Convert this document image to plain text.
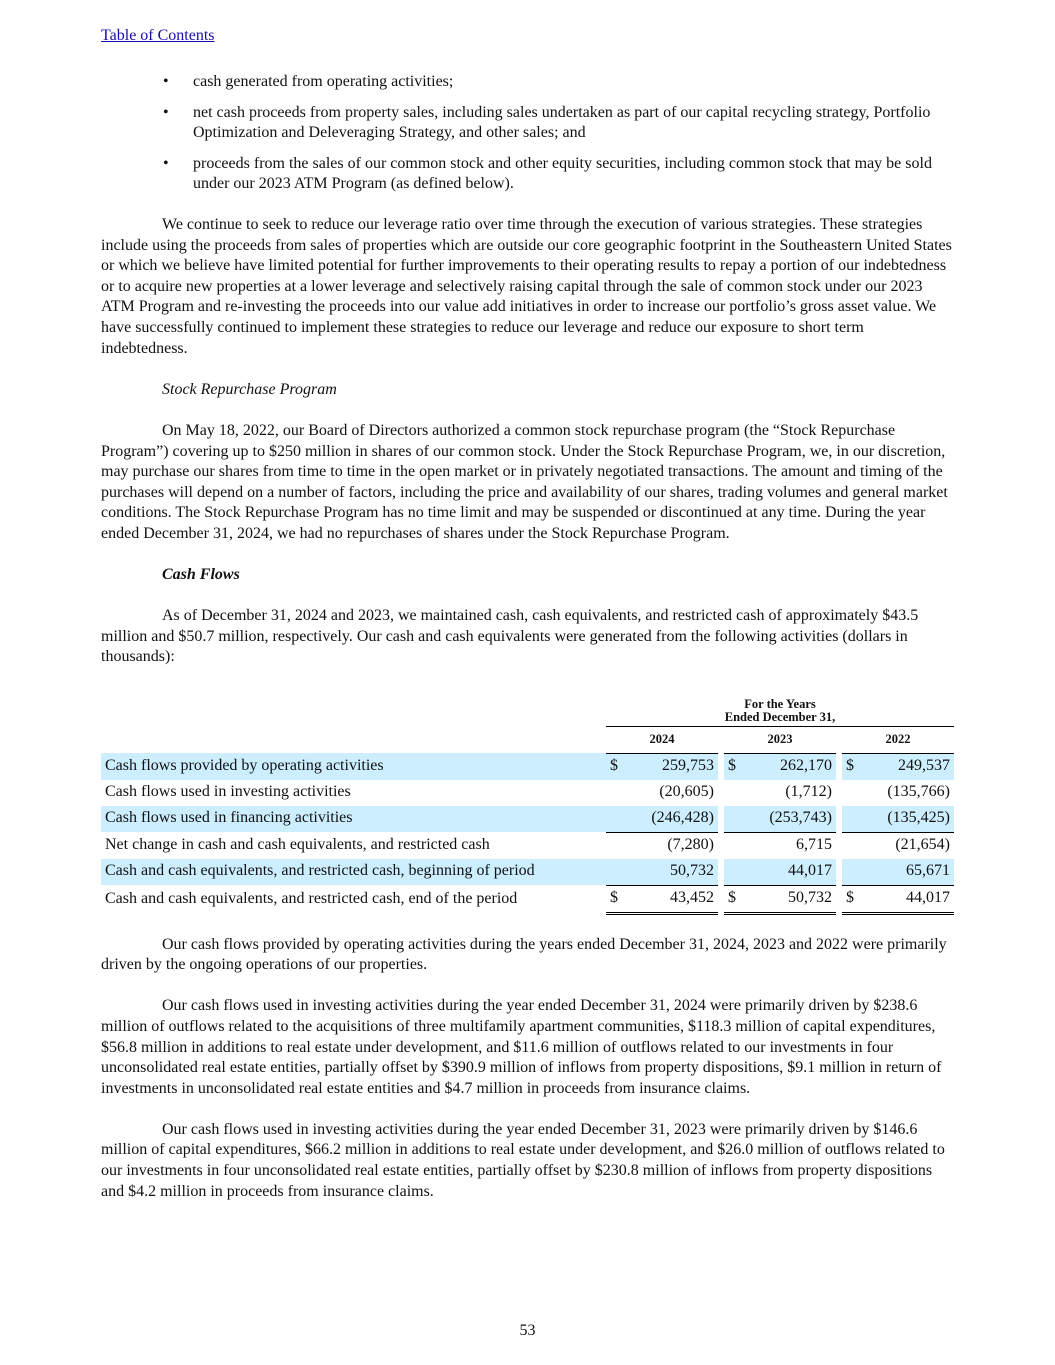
Table of Contents
• cash generated from operating activities;
• net cash proceeds from property sales, including sales undertaken as part of our capital recycling strategy, Portfolio Optimization and Deleveraging Strategy, and other sales; and
• proceeds from the sales of our common stock and other equity securities, including common stock that may be sold under our 2023 ATM Program (as defined below).

We continue to seek to reduce our leverage ratio over time through the execution of various strategies. These strategies include using the proceeds from sales of properties which are outside our core geographic footprint in the Southeastern United States or which we believe have limited potential for further improvements to their operating results to repay a portion of our indebtedness or to acquire new properties at a lower leverage and selectively raising capital through the sale of common stock under our 2023 ATM Program and re-investing the proceeds into our value add initiatives in order to increase our portfolio’s gross asset value. We have successfully continued to implement these strategies to reduce our leverage and reduce our exposure to short term indebtedness.

Stock Repurchase Program

On May 18, 2022, our Board of Directors authorized a common stock repurchase program (the “Stock Repurchase Program”) covering up to $250 million in shares of our common stock. Under the Stock Repurchase Program, we, in our discretion, may purchase our shares from time to time in the open market or in privately negotiated transactions. The amount and timing of the purchases will depend on a number of factors, including the price and availability of our shares, trading volumes and general market conditions. The Stock Repurchase Program has no time limit and may be suspended or discontinued at any time. During the year ended December 31, 2024, we had no repurchases of shares under the Stock Repurchase Program.

Cash Flows

As of December 31, 2024 and 2023, we maintained cash, cash equivalents, and restricted cash of approximately $43.5 million and $50.7 million, respectively. Our cash and cash equivalents were generated from the following activities (dollars in thousands):

	For the Years
Ended December 31,							

	2024			2023			2022	
Cash flows provided by operating activities	$	259,753		$	262,170		$	249,537
Cash flows used in investing activities		(20,605)			(1,712)			(135,766)
Cash flows used in financing activities		(246,428)			(253,743)			(135,425)
Net change in cash and cash equivalents, and restricted cash		(7,280)			6,715			(21,654)
Cash and cash equivalents, and restricted cash, beginning of period		50,732			44,017			65,671
Cash and cash equivalents, and restricted cash, end of the period	$	43,452		$	50,732		$	44,017

Our cash flows provided by operating activities during the years ended December 31, 2024, 2023 and 2022 were primarily driven by the ongoing operations of our properties.

Our cash flows used in investing activities during the year ended December 31, 2024 were primarily driven by $238.6 million of outflows related to the acquisitions of three multifamily apartment communities, $118.3 million of capital expenditures, $56.8 million in additions to real estate under development, and $11.6 million of outflows related to our investments in four unconsolidated real estate entities, partially offset by $390.9 million of inflows from property dispositions, $9.1 million in return of investments in unconsolidated real estate entities and $4.7 million in proceeds from insurance claims.

Our cash flows used in investing activities during the year ended December 31, 2023 were primarily driven by $146.6 million of capital expenditures, $66.2 million in additions to real estate under development, and $26.0 million of outflows related to our investments in four unconsolidated real estate entities, partially offset by $230.8 million of inflows from property dispositions and $4.2 million in proceeds from insurance claims.

53
